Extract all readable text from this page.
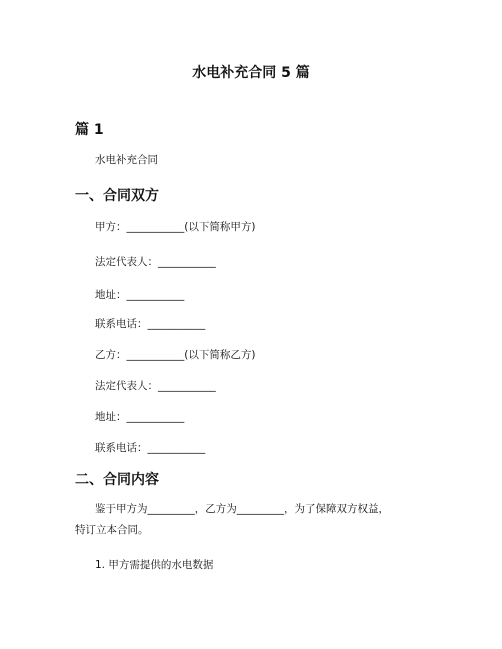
水电补充合同 5 篇
篇 1
水电补充合同
一、合同双方
甲方：___________(以下简称甲方)
法定代表人：___________
地址：___________
联系电话：___________
乙方：___________(以下简称乙方)
法定代表人：___________
地址：___________
联系电话：___________
二、合同内容
鉴于甲方为_________，乙方为_________，为了保障双方权益，
特订立本合同。
1. 甲方需提供的水电数据
